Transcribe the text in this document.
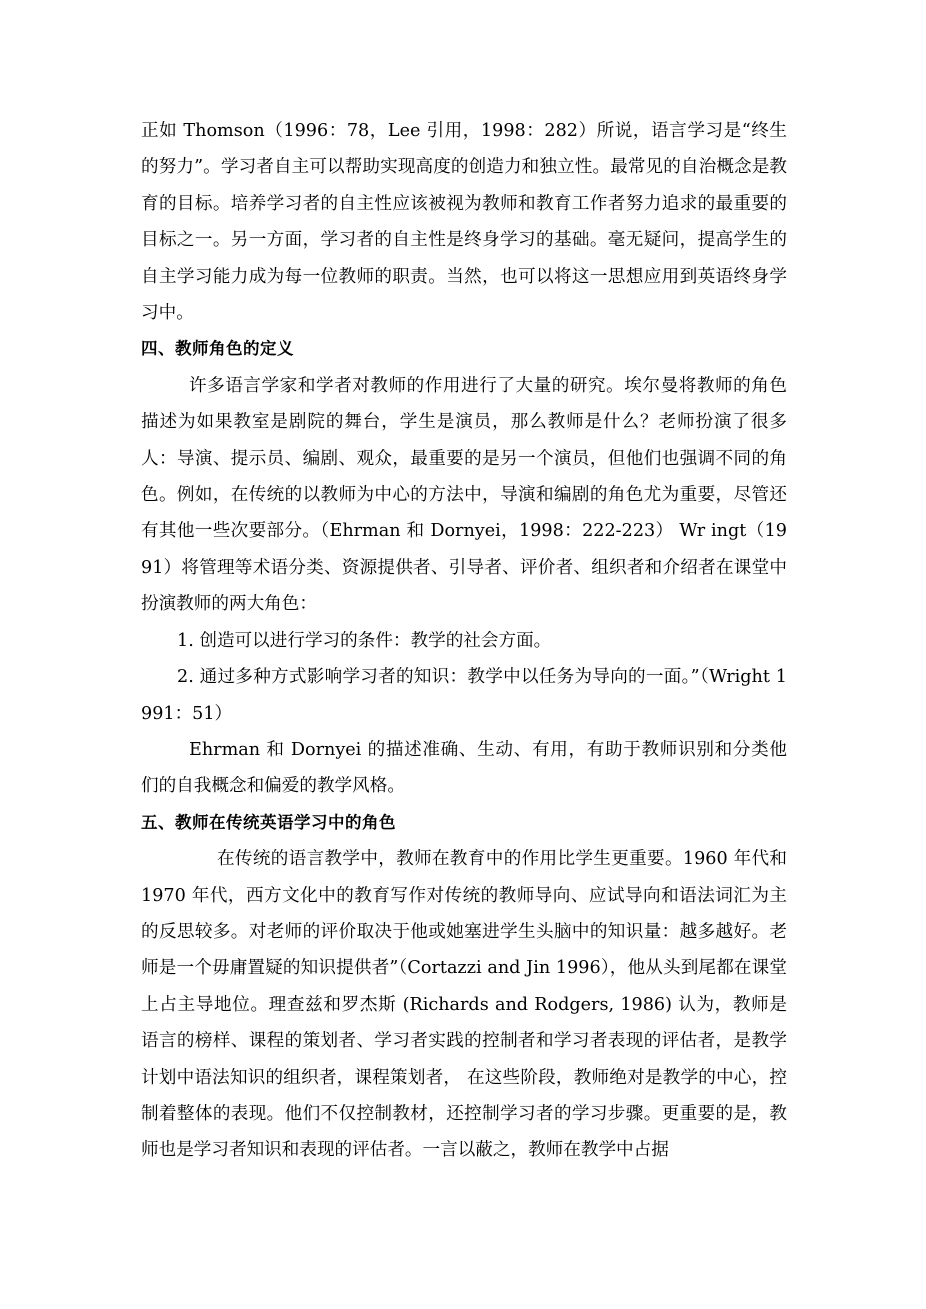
正如 Thomson（1996：78，Lee 引用，1998：282）所说，语言学习是“终生的努力”。学习者自主可以帮助实现高度的创造力和独立性。最常见的自治概念是教育的目标。培养学习者的自主性应该被视为教师和教育工作者努力追求的最重要的目标之一。另一方面，学习者的自主性是终身学习的基础。毫无疑问，提高学生的自主学习能力成为每一位教师的职责。当然，也可以将这一思想应用到英语终身学习中。

四、教师角色的定义

许多语言学家和学者对教师的作用进行了大量的研究。埃尔曼将教师的角色描述为如果教室是剧院的舞台，学生是演员，那么教师是什么？老师扮演了很多人：导演、提示员、编剧、观众，最重要的是另一个演员，但他们也强调不同的角色。例如，在传统的以教师为中心的方法中，导演和编剧的角色尤为重要，尽管还有其他一些次要部分。（Ehrman 和 Dornyei，1998：222-223） Wr ingt（1991）将管理等术语分类、资源提供者、引导者、评价者、组织者和介绍者在课堂中扮演教师的两大角色：

1. 创造可以进行学习的条件：教学的社会方面。

2. 通过多种方式影响学习者的知识：教学中以任务为导向的一面。”（Wright 1991：51）

Ehrman 和 Dornyei 的描述准确、生动、有用，有助于教师识别和分类他们的自我概念和偏爱的教学风格。

五、教师在传统英语学习中的角色

在传统的语言教学中，教师在教育中的作用比学生更重要。1960 年代和 1970 年代，西方文化中的教育写作对传统的教师导向、应试导向和语法词汇为主的反思较多。对老师的评价取决于他或她塞进学生头脑中的知识量：越多越好。老师是一个毋庸置疑的知识提供者”（Cortazzi and Jin 1996），他从头到尾都在课堂上占主导地位。理查兹和罗杰斯 (Richards and Rodgers, 1986) 认为，教师是语言的榜样、课程的策划者、学习者实践的控制者和学习者表现的评估者，是教学计划中语法知识的组织者，课程策划者， 在这些阶段，教师绝对是教学的中心，控制着整体的表现。他们不仅控制教材，还控制学习者的学习步骤。更重要的是，教师也是学习者知识和表现的评估者。一言以蔽之，教师在教学中占据
